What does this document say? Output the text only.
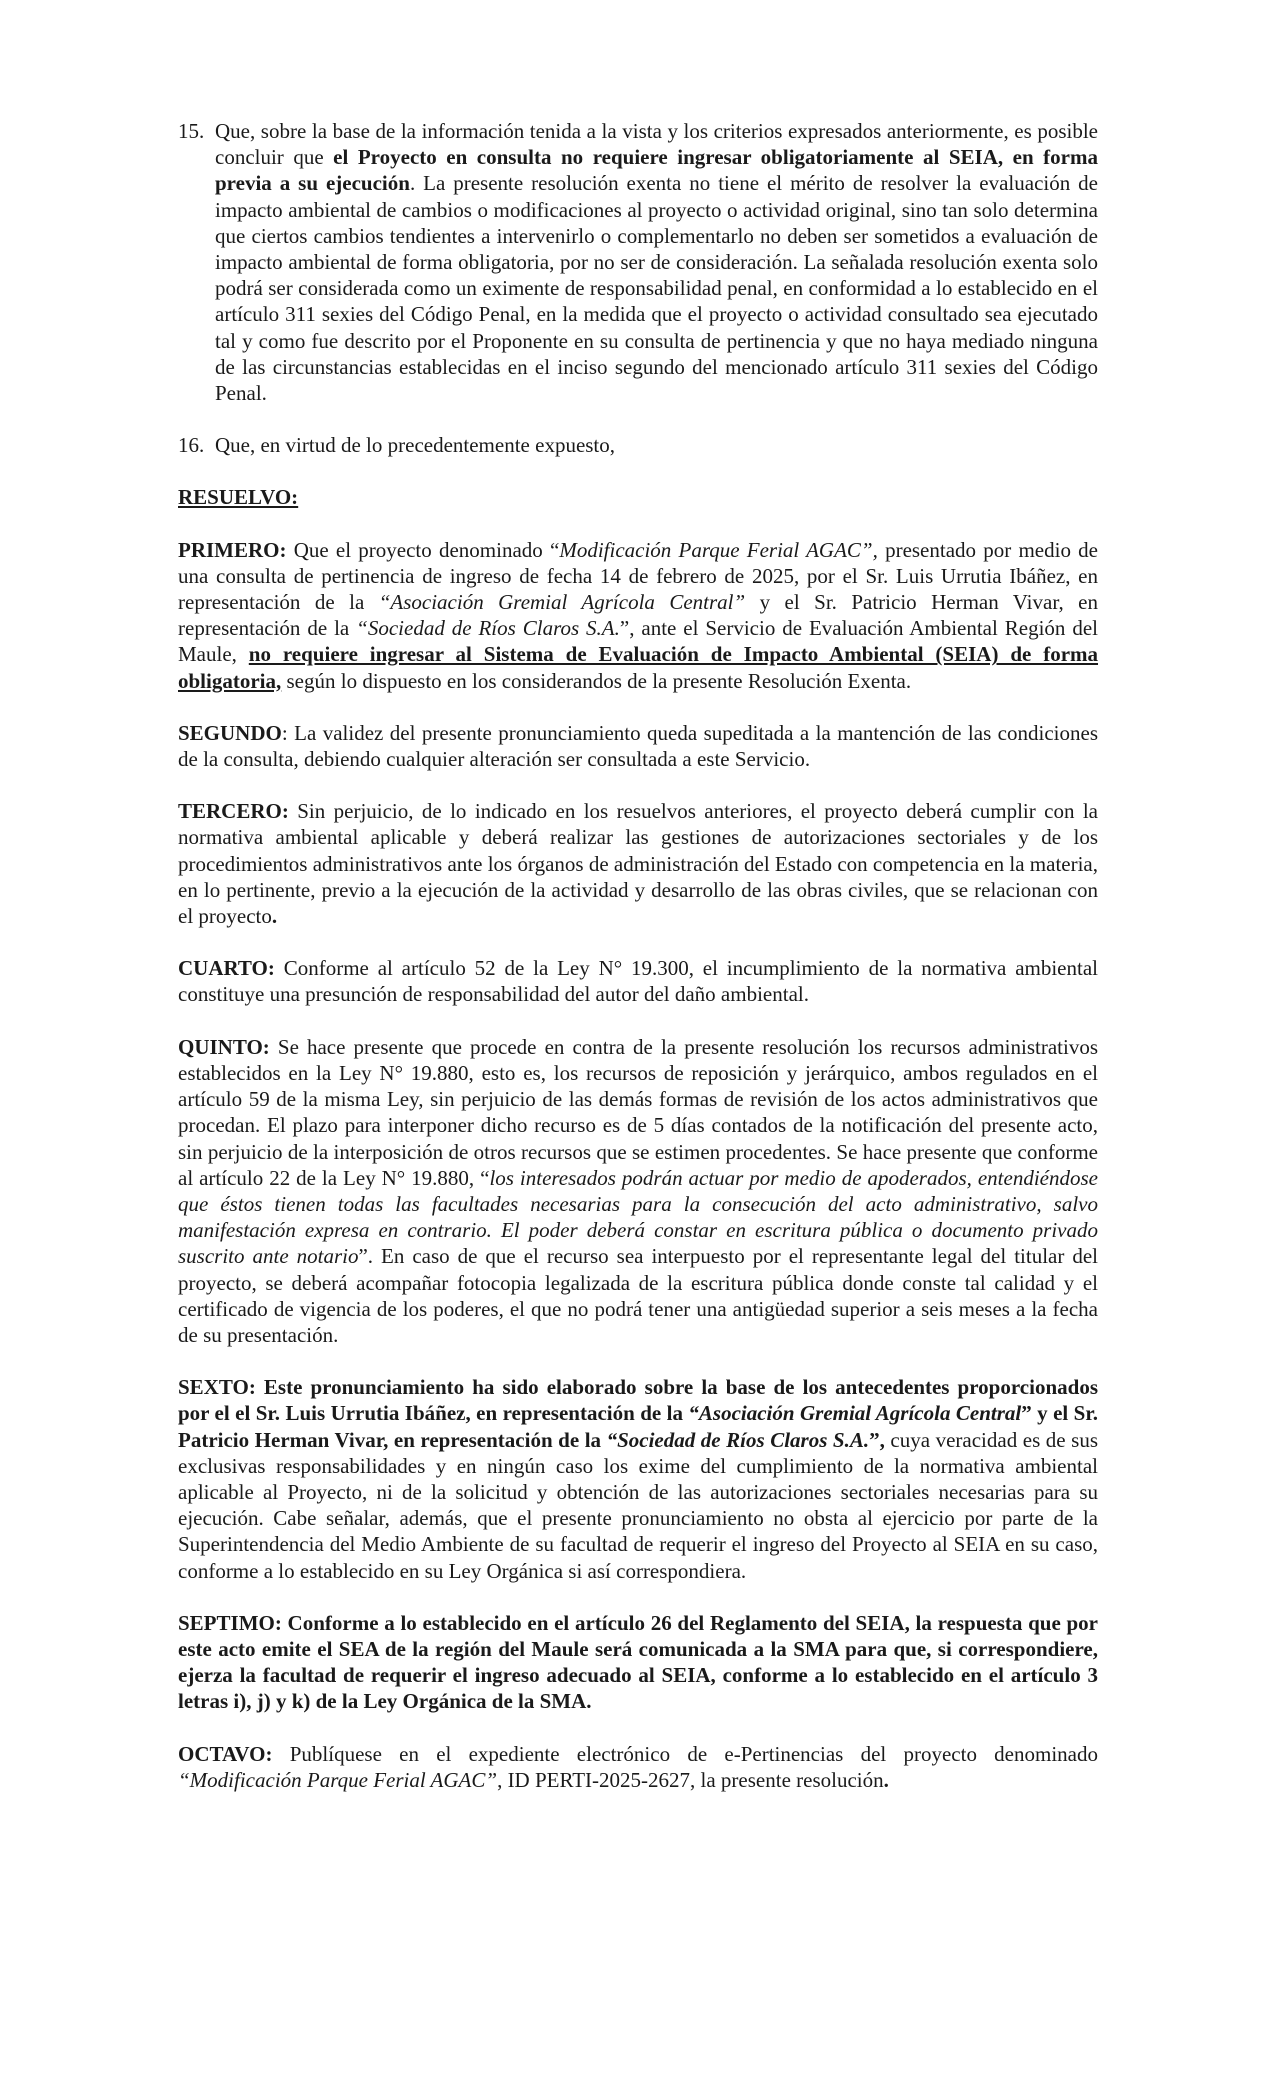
15. Que, sobre la base de la información tenida a la vista y los criterios expresados anteriormente, es posible concluir que el Proyecto en consulta no requiere ingresar obligatoriamente al SEIA, en forma previa a su ejecución. La presente resolución exenta no tiene el mérito de resolver la evaluación de impacto ambiental de cambios o modificaciones al proyecto o actividad original, sino tan solo determina que ciertos cambios tendientes a intervenirlo o complementarlo no deben ser sometidos a evaluación de impacto ambiental de forma obligatoria, por no ser de consideración. La señalada resolución exenta solo podrá ser considerada como un eximente de responsabilidad penal, en conformidad a lo establecido en el artículo 311 sexies del Código Penal, en la medida que el proyecto o actividad consultado sea ejecutado tal y como fue descrito por el Proponente en su consulta de pertinencia y que no haya mediado ninguna de las circunstancias establecidas en el inciso segundo del mencionado artículo 311 sexies del Código Penal.

16. Que, en virtud de lo precedentemente expuesto,

RESUELVO:

PRIMERO: Que el proyecto denominado “Modificación Parque Ferial AGAC”, presentado por medio de una consulta de pertinencia de ingreso de fecha 14 de febrero de 2025, por el Sr. Luis Urrutia Ibáñez, en representación de la “Asociación Gremial Agrícola Central” y el Sr. Patricio Herman Vivar, en representación de la “Sociedad de Ríos Claros S.A.”, ante el Servicio de Evaluación Ambiental Región del Maule, no requiere ingresar al Sistema de Evaluación de Impacto Ambiental (SEIA) de forma obligatoria, según lo dispuesto en los considerandos de la presente Resolución Exenta.

SEGUNDO: La validez del presente pronunciamiento queda supeditada a la mantención de las condiciones de la consulta, debiendo cualquier alteración ser consultada a este Servicio.

TERCERO: Sin perjuicio, de lo indicado en los resuelvos anteriores, el proyecto deberá cumplir con la normativa ambiental aplicable y deberá realizar las gestiones de autorizaciones sectoriales y de los procedimientos administrativos ante los órganos de administración del Estado con competencia en la materia, en lo pertinente, previo a la ejecución de la actividad y desarrollo de las obras civiles, que se relacionan con el proyecto.

CUARTO: Conforme al artículo 52 de la Ley N° 19.300, el incumplimiento de la normativa ambiental constituye una presunción de responsabilidad del autor del daño ambiental.

QUINTO: Se hace presente que procede en contra de la presente resolución los recursos administrativos establecidos en la Ley N° 19.880, esto es, los recursos de reposición y jerárquico, ambos regulados en el artículo 59 de la misma Ley, sin perjuicio de las demás formas de revisión de los actos administrativos que procedan. El plazo para interponer dicho recurso es de 5 días contados de la notificación del presente acto, sin perjuicio de la interposición de otros recursos que se estimen procedentes. Se hace presente que conforme al artículo 22 de la Ley N° 19.880, “los interesados podrán actuar por medio de apoderados, entendiéndose que éstos tienen todas las facultades necesarias para la consecución del acto administrativo, salvo manifestación expresa en contrario. El poder deberá constar en escritura pública o documento privado suscrito ante notario”. En caso de que el recurso sea interpuesto por el representante legal del titular del proyecto, se deberá acompañar fotocopia legalizada de la escritura pública donde conste tal calidad y el certificado de vigencia de los poderes, el que no podrá tener una antigüedad superior a seis meses a la fecha de su presentación.

SEXTO: Este pronunciamiento ha sido elaborado sobre la base de los antecedentes proporcionados por el el Sr. Luis Urrutia Ibáñez, en representación de la “Asociación Gremial Agrícola Central” y el Sr. Patricio Herman Vivar, en representación de la “Sociedad de Ríos Claros S.A.”, cuya veracidad es de sus exclusivas responsabilidades y en ningún caso los exime del cumplimiento de la normativa ambiental aplicable al Proyecto, ni de la solicitud y obtención de las autorizaciones sectoriales necesarias para su ejecución. Cabe señalar, además, que el presente pronunciamiento no obsta al ejercicio por parte de la Superintendencia del Medio Ambiente de su facultad de requerir el ingreso del Proyecto al SEIA en su caso, conforme a lo establecido en su Ley Orgánica si así correspondiera.

SEPTIMO: Conforme a lo establecido en el artículo 26 del Reglamento del SEIA, la respuesta que por este acto emite el SEA de la región del Maule será comunicada a la SMA para que, si correspondiere, ejerza la facultad de requerir el ingreso adecuado al SEIA, conforme a lo establecido en el artículo 3 letras i), j) y k) de la Ley Orgánica de la SMA.

OCTAVO: Publíquese en el expediente electrónico de e-Pertinencias del proyecto denominado “Modificación Parque Ferial AGAC”, ID PERTI-2025-2627, la presente resolución.
